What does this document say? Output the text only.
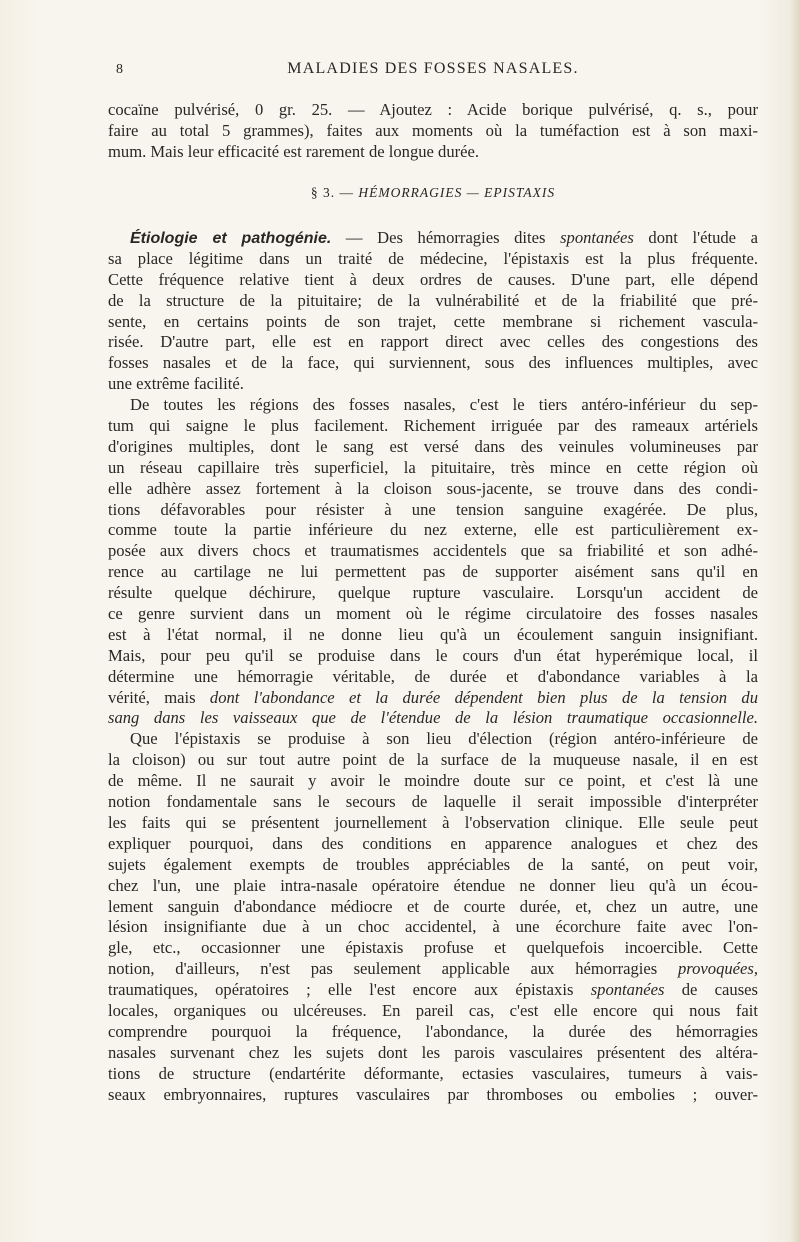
8	MALADIES DES FOSSES NASALES.
cocaïne pulvérisé, 0 gr. 25. — Ajoutez : Acide borique pulvérisé, q. s., pour
faire au total 5 grammes), faites aux moments où la tuméfaction est à son maxi-
mum. Mais leur efficacité est rarement de longue durée.
§ 3. — HÉMORRAGIES — EPISTAXIS
Étiologie et pathogénie. — Des hémorragies dites spontanées dont l'étude a
sa place légitime dans un traité de médecine, l'épistaxis est la plus fréquente.
Cette fréquence relative tient à deux ordres de causes. D'une part, elle dépend
de la structure de la pituitaire; de la vulnérabilité et de la friabilité que pré-
sente, en certains points de son trajet, cette membrane si richement vascula-
risée. D'autre part, elle est en rapport direct avec celles des congestions des
fosses nasales et de la face, qui surviennent, sous des influences multiples, avec
une extrême facilité.
De toutes les régions des fosses nasales, c'est le tiers antéro-inférieur du sep-
tum qui saigne le plus facilement. Richement irriguée par des rameaux artériels
d'origines multiples, dont le sang est versé dans des veinules volumineuses par
un réseau capillaire très superficiel, la pituitaire, très mince en cette région où
elle adhère assez fortement à la cloison sous-jacente, se trouve dans des condi-
tions défavorables pour résister à une tension sanguine exagérée. De plus,
comme toute la partie inférieure du nez externe, elle est particulièrement ex-
posée aux divers chocs et traumatismes accidentels que sa friabilité et son adhé-
rence au cartilage ne lui permettent pas de supporter aisément sans qu'il en
résulte quelque déchirure, quelque rupture vasculaire. Lorsqu'un accident de
ce genre survient dans un moment où le régime circulatoire des fosses nasales
est à l'état normal, il ne donne lieu qu'à un écoulement sanguin insignifiant.
Mais, pour peu qu'il se produise dans le cours d'un état hyperémique local, il
détermine une hémorragie véritable, de durée et d'abondance variables à la
vérité, mais dont l'abondance et la durée dépendent bien plus de la tension du
sang dans les vaisseaux que de l'étendue de la lésion traumatique occasionnelle.
Que l'épistaxis se produise à son lieu d'élection (région antéro-inférieure de
la cloison) ou sur tout autre point de la surface de la muqueuse nasale, il en est
de même. Il ne saurait y avoir le moindre doute sur ce point, et c'est là une
notion fondamentale sans le secours de laquelle il serait impossible d'interpréter
les faits qui se présentent journellement à l'observation clinique. Elle seule peut
expliquer pourquoi, dans des conditions en apparence analogues et chez des
sujets également exempts de troubles appréciables de la santé, on peut voir,
chez l'un, une plaie intra-nasale opératoire étendue ne donner lieu qu'à un écou-
lement sanguin d'abondance médiocre et de courte durée, et, chez un autre, une
lésion insignifiante due à un choc accidentel, à une écorchure faite avec l'on-
gle, etc., occasionner une épistaxis profuse et quelquefois incoercible. Cette
notion, d'ailleurs, n'est pas seulement applicable aux hémorragies provoquées,
traumatiques, opératoires ; elle l'est encore aux épistaxis spontanées de causes
locales, organiques ou ulcéreuses. En pareil cas, c'est elle encore qui nous fait
comprendre pourquoi la fréquence, l'abondance, la durée des hémorragies
nasales survenant chez les sujets dont les parois vasculaires présentent des altéra-
tions de structure (endartérite déformante, ectasies vasculaires, tumeurs à vais-
seaux embryonnaires, ruptures vasculaires par thromboses ou embolies ; ouver-
